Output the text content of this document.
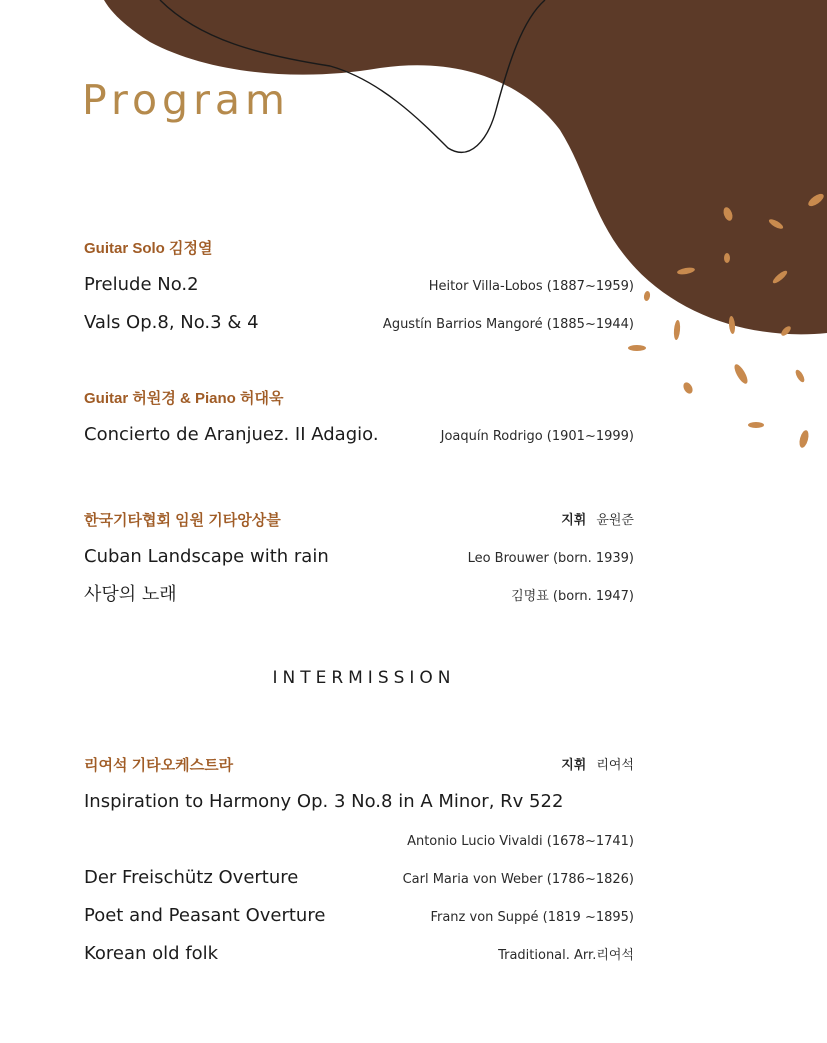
Program
Guitar Solo 김정열
Prelude No.2	Heitor Villa-Lobos (1887~1959)
Vals Op.8, No.3 & 4	Agustín Barrios Mangoré (1885~1944)
Guitar 허원경 & Piano 허대욱
Concierto de Aranjuez. II Adagio.	Joaquín Rodrigo (1901~1999)
한국기타협회 임원 기타앙상블	지휘 윤원준
Cuban Landscape with rain	Leo Brouwer (born. 1939)
사당의 노래	김명표 (born. 1947)
INTERMISSION
리여석 기타오케스트라	지휘 리여석
Inspiration to Harmony Op. 3 No.8 in A Minor, Rv 522
Antonio Lucio Vivaldi (1678~1741)
Der Freischütz Overture	Carl Maria von Weber (1786~1826)
Poet and Peasant Overture	Franz von Suppé (1819 ~1895)
Korean old folk	Traditional. Arr.리여석
